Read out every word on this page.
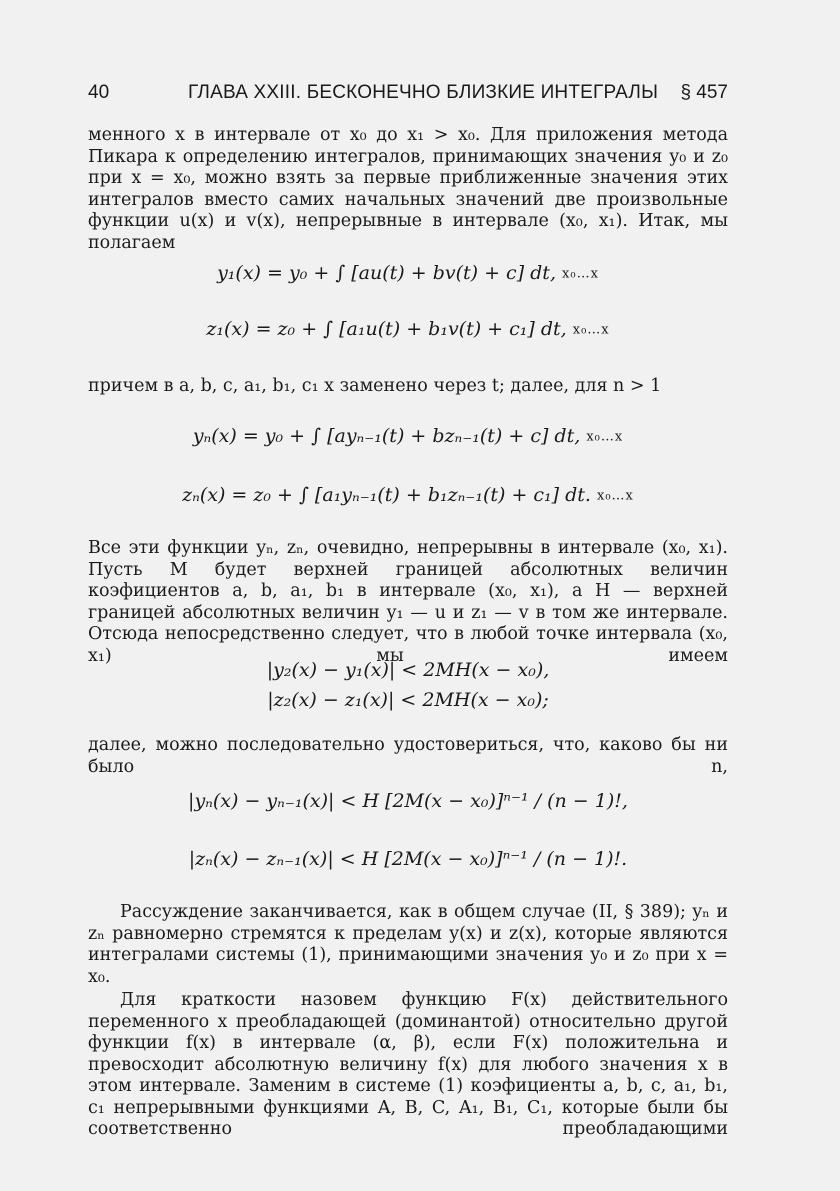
40	ГЛАВА XXIII. БЕСКОНЕЧНО БЛИЗКИЕ ИНТЕГРАЛЫ § 457

менного x в интервале от x₀ до x₁ > x₀. Для приложения метода Пикара к определению интегралов, принимающих значения y₀ и z₀ при x = x₀, можно взять за первые приближенные значения этих интегралов вместо самих начальных значений две произвольные функции u(x) и v(x), непрерывные в интервале (x₀, x₁). Итак, мы полагаем

y₁(x) = y₀ + ∫ [au(t) + bv(t) + c] dt, x₀…x
z₁(x) = z₀ + ∫ [a₁u(t) + b₁v(t) + c₁] dt, x₀…x

причем в a, b, c, a₁, b₁, c₁ x заменено через t; далее, для n > 1

yₙ(x) = y₀ + ∫ [ayₙ₋₁(t) + bzₙ₋₁(t) + c] dt, x₀…x
zₙ(x) = z₀ + ∫ [a₁yₙ₋₁(t) + b₁zₙ₋₁(t) + c₁] dt. x₀…x

Все эти функции yₙ, zₙ, очевидно, непрерывны в интервале (x₀, x₁). Пусть M будет верхней границей абсолютных величин коэфициентов a, b, a₁, b₁ в интервале (x₀, x₁), а H — верхней границей абсолютных величин y₁ — u и z₁ — v в том же интервале. Отсюда непосредственно следует, что в любой точке интервала (x₀, x₁) мы имеем

|y₂(x) − y₁(x)| < 2MH(x − x₀),
|z₂(x) − z₁(x)| < 2MH(x − x₀);

далее, можно последовательно удостовериться, что, каково бы ни было n,

|yₙ(x) − yₙ₋₁(x)| < H [2M(x − x₀)]ⁿ⁻¹ / (n − 1)!,
|zₙ(x) − zₙ₋₁(x)| < H [2M(x − x₀)]ⁿ⁻¹ / (n − 1)!.

Рассуждение заканчивается, как в общем случае (II, § 389); yₙ и zₙ равномерно стремятся к пределам y(x) и z(x), которые являются интегралами системы (1), принимающими значения y₀ и z₀ при x = x₀.

Для краткости назовем функцию F(x) действительного переменного x преобладающей (доминантой) относительно другой функции f(x) в интервале (α, β), если F(x) положительна и превосходит абсолютную величину f(x) для любого значения x в этом интервале. Заменим в системе (1) коэфициенты a, b, c, a₁, b₁, c₁ непрерывными функциями A, B, C, A₁, B₁, C₁, которые были бы соответственно преобладающими
